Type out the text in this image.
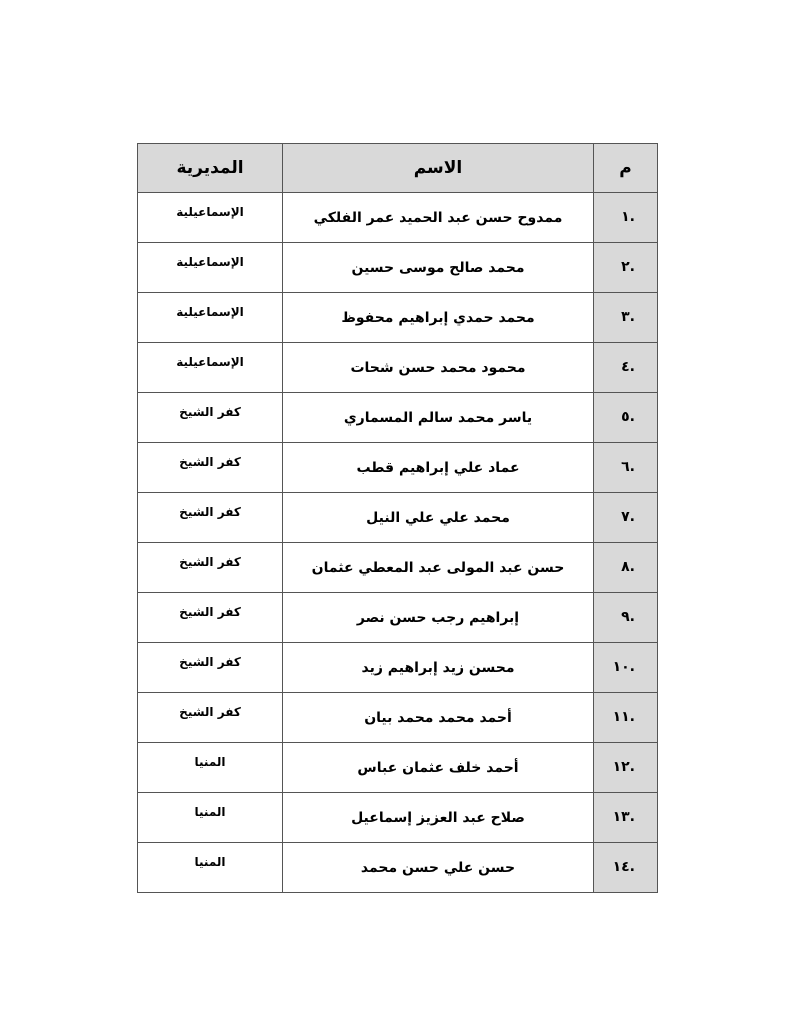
م	الاسم	المديرية
.١	ممدوح حسن عبد الحميد عمر الفلكي	الإسماعيلية
.٢	محمد صالح موسى حسين	الإسماعيلية
.٣	محمد حمدي إبراهيم محفوظ	الإسماعيلية
.٤	محمود محمد حسن شحات	الإسماعيلية
.٥	ياسر محمد سالم المسماري	كفر الشيخ
.٦	عماد علي إبراهيم قطب	كفر الشيخ
.٧	محمد علي علي النيل	كفر الشيخ
.٨	حسن عبد المولى عبد المعطي عثمان	كفر الشيخ
.٩	إبراهيم رجب حسن نصر	كفر الشيخ
.١٠	محسن زيد إبراهيم زيد	كفر الشيخ
.١١	أحمد محمد محمد بيان	كفر الشيخ
.١٢	أحمد خلف عثمان عباس	المنيا
.١٣	صلاح عبد العزيز إسماعيل	المنيا
.١٤	حسن علي حسن محمد	المنيا
